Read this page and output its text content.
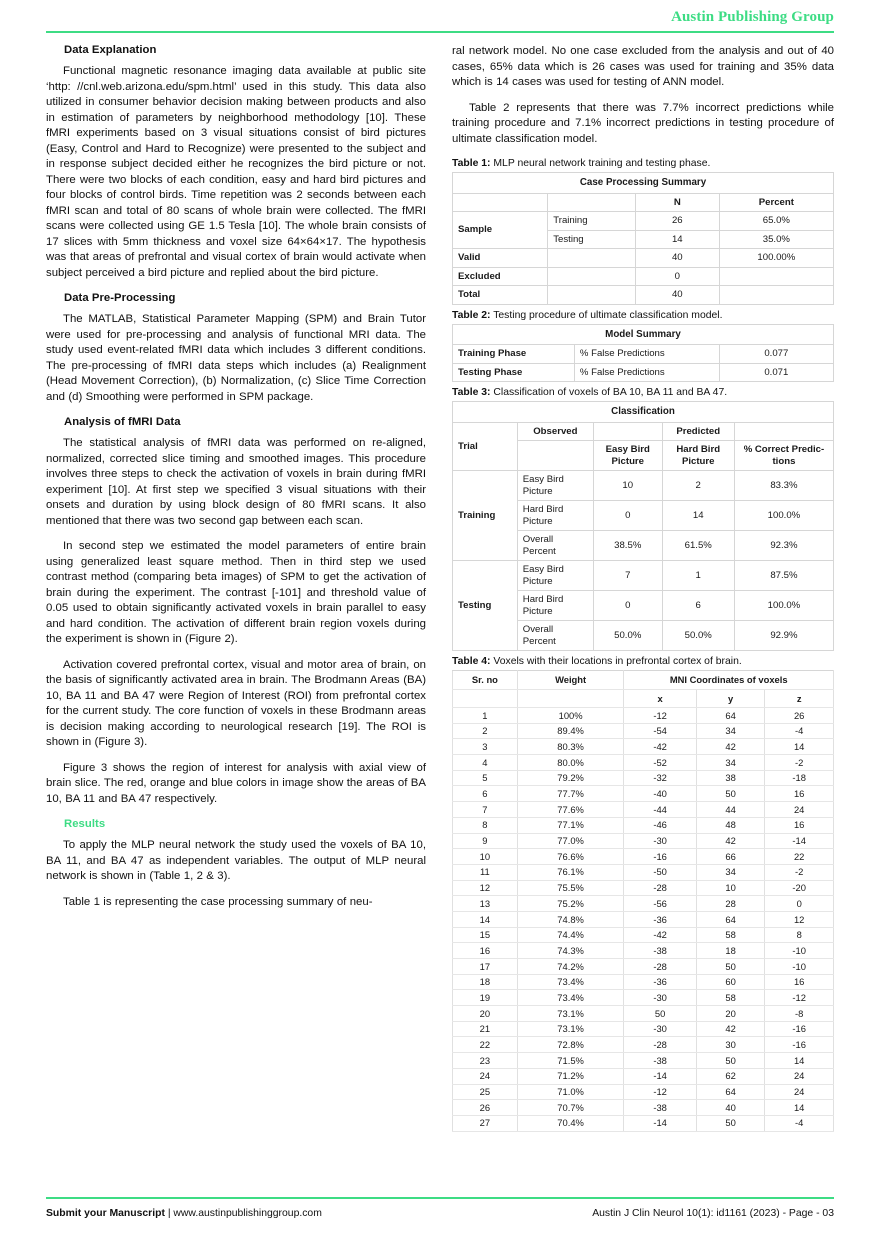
Austin Publishing Group
Data Explanation

Functional magnetic resonance imaging data available at public site ‘http: //cnl.web.arizona.edu/spm.html’ used in this study. This data also utilized in consumer behavior decision making between products and also in estimation of parameters by neighborhood methodology [10]. These fMRI experiments based on 3 visual situations consist of bird pictures (Easy, Control and Hard to Recognize) were presented to the subject and in response subject decided either he recognizes the bird picture or not. There were two blocks of each condition, easy and hard bird pictures and four blocks of control birds. Time repetition was 2 seconds between each fMRI scan and total of 80 scans of whole brain were collected. The fMRI scans were collected using GE 1.5 Tesla [10]. The whole brain consists of 17 slices with 5mm thickness and voxel size 64×64×17. The hypothesis was that areas of prefrontal and visual cortex of brain would activate when subject perceived a bird picture and replied about the bird picture.

Data Pre-Processing

The MATLAB, Statistical Parameter Mapping (SPM) and Brain Tutor were used for pre-processing and analysis of functional MRI data. The study used event-related fMRI data which includes 3 different conditions. The pre-processing of fMRI data steps which includes (a) Realignment (Head Movement Correction), (b) Normalization, (c) Slice Time Correction and (d) Smoothing were performed in SPM package.

Analysis of fMRI Data

The statistical analysis of fMRI data was performed on re-aligned, normalized, corrected slice timing and smoothed images. This procedure involves three steps to check the activation of voxels in brain during fMRI experiment [10]. At first step we specified 3 visual situations with their onsets and duration by using block design of 80 fMRI scans. It also mentioned that there was two second gap between each scan.

In second step we estimated the model parameters of entire brain using generalized least square method. Then in third step we used contrast method (comparing beta images) of SPM to get the activation of brain during the experiment. The contrast [-101] and threshold value of 0.05 used to obtain significantly activated voxels in brain parallel to easy and hard condition. The activation of different brain region voxels during the experiment is shown in (Figure 2).

Activation covered prefrontal cortex, visual and motor area of brain, on the basis of significantly activated area in brain. The Brodmann Areas (BA) 10, BA 11 and BA 47 were Region of Interest (ROI) from prefrontal cortex for the current study. The core function of voxels in these Brodmann areas is decision making according to neurological research [19]. The ROI is shown in (Figure 3).

Figure 3 shows the region of interest for analysis with axial view of brain slice. The red, orange and blue colors in image show the areas of BA 10, BA 11 and BA 47 respectively.

Results

To apply the MLP neural network the study used the voxels of BA 10, BA 11, and BA 47 as independent variables. The output of MLP neural network is shown in (Table 1, 2 & 3).

Table 1 is representing the case processing summary of neu-

ral network model. No one case excluded from the analysis and out of 40 cases, 65% data which is 26 cases was used for training and 35% data which is 14 cases was used for testing of ANN model.

Table 2 represents that there was 7.7% incorrect predictions while training procedure and 7.1% incorrect predictions in testing procedure of ultimate classification model.

Table 1: MLP neural network training and testing phase.
Case Processing Summary			
		N	Percent
Sample	Training	26	65.0%
	Testing	14	35.0%
Valid		40	100.00%
Excluded		0	
Total		40	
Table 2: Testing procedure of ultimate classification model.
Model Summary		
Training Phase	% False Predictions	0.077
Testing Phase	% False Predictions	0.071
Table 3: Classification of voxels of BA 10, BA 11 and BA 47.
Classification				
Trial	Observed		Predicted	
		Easy Bird Picture	Hard Bird Picture	% Correct Predic-tions
Training	Easy Bird Picture	10	2	83.3%
	Hard Bird Picture	0	14	100.0%
	Overall Percent	38.5%	61.5%	92.3%
Testing	Easy Bird Picture	7	1	87.5%
	Hard Bird Picture	0	6	100.0%
	Overall Percent	50.0%	50.0%	92.9%
Table 4: Voxels with their locations in prefrontal cortex of brain.
Sr. no	Weight	MNI Coordinates of voxels		
		x	y	z
1	100%	-12	64	26
2	89.4%	-54	34	-4
3	80.3%	-42	42	14
4	80.0%	-52	34	-2
5	79.2%	-32	38	-18
6	77.7%	-40	50	16
7	77.6%	-44	44	24
8	77.1%	-46	48	16
9	77.0%	-30	42	-14
10	76.6%	-16	66	22
11	76.1%	-50	34	-2
12	75.5%	-28	10	-20
13	75.2%	-56	28	0
14	74.8%	-36	64	12
15	74.4%	-42	58	8
16	74.3%	-38	18	-10
17	74.2%	-28	50	-10
18	73.4%	-36	60	16
19	73.4%	-30	58	-12
20	73.1%	50	20	-8
21	73.1%	-30	42	-16
22	72.8%	-28	30	-16
23	71.5%	-38	50	14
24	71.2%	-14	62	24
25	71.0%	-12	64	24
26	70.7%	-38	40	14
27	70.4%	-14	50	-4
Submit your Manuscript | www.austinpublishinggroup.com	Austin J Clin Neurol 10(1): id1161 (2023) - Page - 03
